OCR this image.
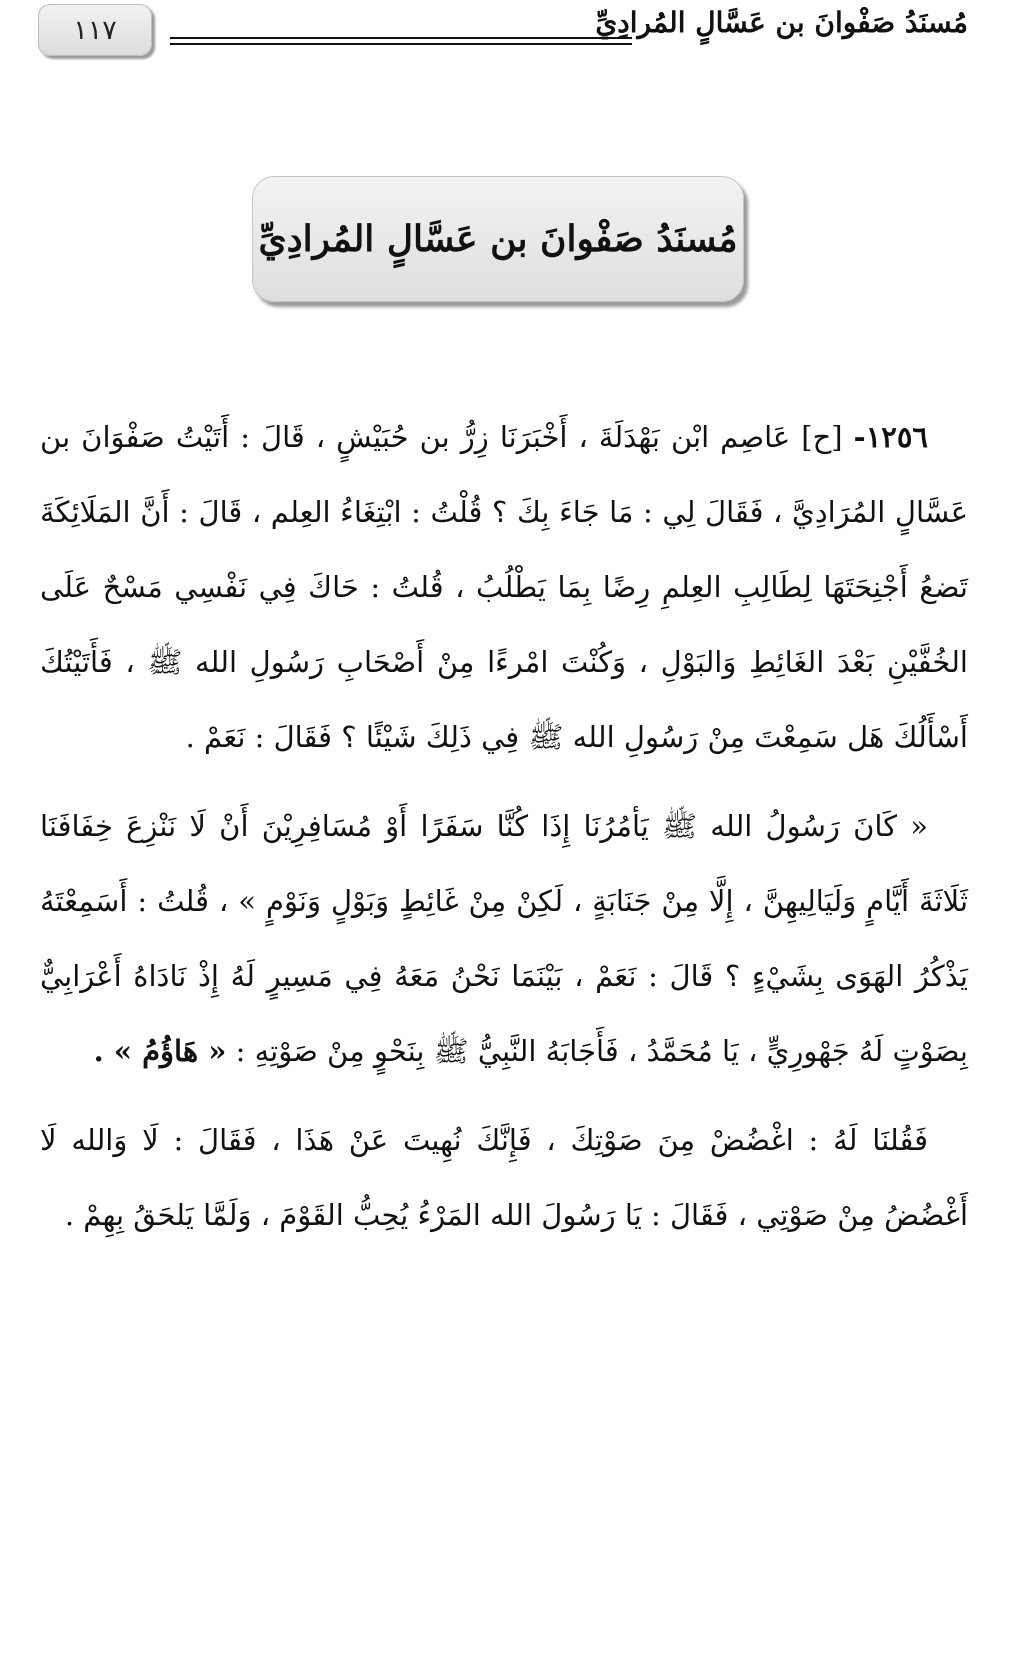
١١٧	مُسنَدُ صَفْوانَ بن عَسَّالٍ المُرادِيِّ
مُسنَدُ صَفْوانَ بن عَسَّالٍ المُرادِيِّ

١٢٥٦- [ح] عَاصِم ابْن بَهْدَلَةَ ، أَخْبَرَنَا زِرُّ بن حُبَيْشٍ ، قَالَ : أَتَيْتُ صَفْوَانَ بن عَسَّالٍ المُرَادِيَّ ، فَقَالَ لِي : مَا جَاءَ بِكَ ؟ قُلْتُ : ابْتِغَاءُ العِلم ، قَالَ : أَنَّ المَلَائِكَةَ تَضعُ أَجْنِحَتَهَا لِطَالِبِ العِلمِ رِضًا بِمَا يَطْلُبُ ، قُلتُ : حَاكَ فِي نَفْسِي مَسْحٌ عَلَى الخُفَّيْنِ بَعْدَ الغَائِطِ وَالبَوْلِ ، وَكُنْتَ امْرءًا مِنْ أَصْحَابِ رَسُولِ الله ﷺ ، فَأَتَيْتُكَ أَسْأَلُكَ هَل سَمِعْتَ مِنْ رَسُولِ الله ﷺ فِي ذَلِكَ شَيْئًا ؟ فَقَالَ : نَعَمْ .

« كَانَ رَسُولُ الله ﷺ يَأمُرُنَا إِذَا كُنَّا سَفَرًا أَوْ مُسَافِرِيْنَ أَنْ لَا نَنْزِعَ خِفَافَنَا ثَلَاثَةَ أَيَّامٍ وَلَيَالِيهِنَّ ، إِلَّا مِنْ جَنَابَةٍ ، لَكِنْ مِنْ غَائِطٍ وَبَوْلٍ وَنَوْمٍ » ، قُلتُ : أَسَمِعْتَهُ يَذْكُرُ الهَوَى بِشَيْءٍ ؟ قَالَ : نَعَمْ ، بَيْنَمَا نَحْنُ مَعَهُ فِي مَسِيرٍ لَهُ إِذْ نَادَاهُ أَعْرَابِيٌّ بِصَوْتٍ لَهُ جَهْورِيٍّ ، يَا مُحَمَّدُ ، فَأَجَابَهُ النَّبِيُّ ﷺ بِنَحْوٍ مِنْ صَوْتِهِ : « هَاؤُمُ » .

فَقُلنَا لَهُ : اغْضُضْ مِنَ صَوْتِكَ ، فَإِنَّكَ نُهِيتَ عَنْ هَذَا ، فَقَالَ : لَا وَالله لَا أَغْضُضُ مِنْ صَوْتِي ، فَقَالَ : يَا رَسُولَ الله المَرْءُ يُحِبُّ القَوْمَ ، وَلَمَّا يَلحَقُ بِهِمْ .
